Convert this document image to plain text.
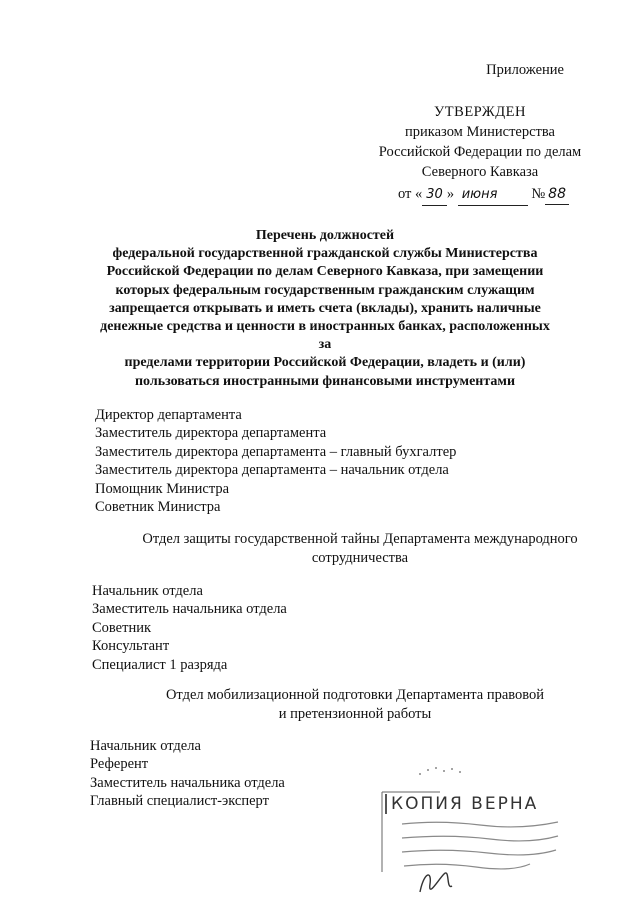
Приложение
УТВЕРЖДЕН
приказом Министерства
Российской Федерации по делам
Северного Кавказа
от « 30 » июня № 88
Перечень должностей
федеральной государственной гражданской службы Министерства
Российской Федерации по делам Северного Кавказа, при замещении
которых федеральным государственным гражданским служащим
запрещается открывать и иметь счета (вклады), хранить наличные
денежные средства и ценности в иностранных банках, расположенных за
пределами территории Российской Федерации, владеть и (или)
пользоваться иностранными финансовыми инструментами
Директор департамента
Заместитель директора департамента
Заместитель директора департамента – главный бухгалтер
Заместитель директора департамента – начальник отдела
Помощник Министра
Советник Министра
Отдел защиты государственной тайны Департамента международного
сотрудничества
Начальник отдела
Заместитель начальника отдела
Советник
Консультант
Специалист 1 разряда
Отдел мобилизационной подготовки Департамента правовой
и претензионной работы
Начальник отдела
Референт
Заместитель начальника отдела
Главный специалист-эксперт	КОПИЯ ВЕРНА
